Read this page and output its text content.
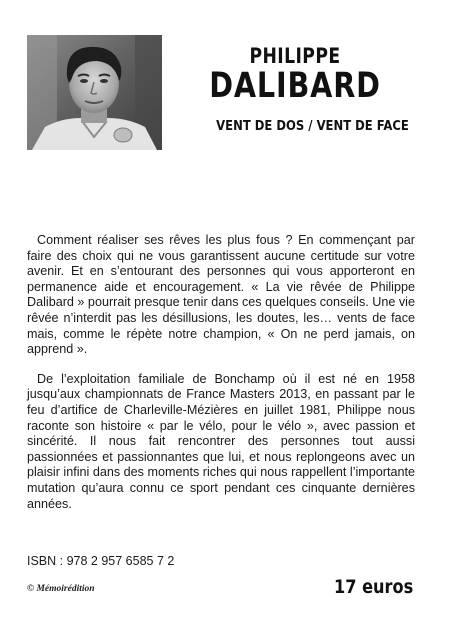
PHILIPPE
DALIBARD
VENT DE DOS / VENT DE FACE

Comment réaliser ses rêves les plus fous ? En commençant par faire des choix qui ne vous garantissent aucune certitude sur votre avenir. Et en s’entourant des personnes qui vous apporteront en permanence aide et encouragement. « La vie rêvée de Philippe Dalibard » pourrait presque tenir dans ces quelques conseils. Une vie rêvée n’interdit pas les désillusions, les doutes, les… vents de face mais, comme le répète notre champion, « On ne perd jamais, on apprend ».

De l’exploitation familiale de Bonchamp où il est né en 1958 jusqu’aux championnats de France Masters 2013, en passant par le feu d’artifice de Charleville-Mézières en juillet 1981, Philippe nous raconte son histoire « par le vélo, pour le vélo », avec passion et sincérité. Il nous fait rencontrer des personnes tout aussi passionnées et passionnantes que lui, et nous replongeons avec un plaisir infini dans des moments riches qui nous rappellent l’importante mutation qu’aura connu ce sport pendant ces cinquante dernières années.

ISBN : 978 2 957 6585 7 2
© Mémoirédition	17 euros
